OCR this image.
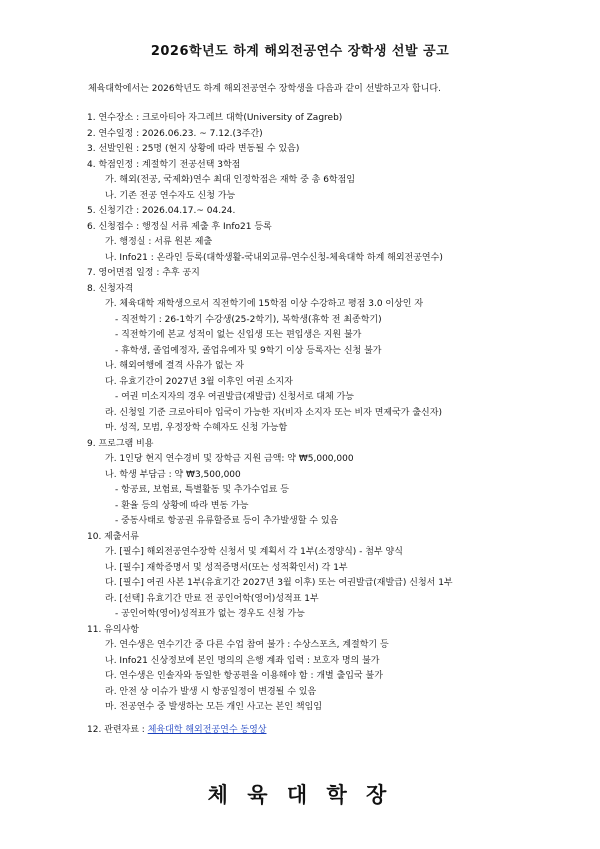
2026학년도 하계 해외전공연수 장학생 선발 공고
체육대학에서는 2026학년도 하계 해외전공연수 장학생을 다음과 같이 선발하고자 합니다.
1. 연수장소 : 크로아티아 자그레브 대학(University of Zagreb)
2. 연수일정 : 2026.06.23. ~ 7.12.(3주간)
3. 선발인원 : 25명 (현지 상황에 따라 변동될 수 있음)
4. 학점인정 : 계절학기 전공선택 3학점
가. 해외(전공, 국제화)연수 최대 인정학점은 재학 중 총 6학점임
나. 기존 전공 연수자도 신청 가능
5. 신청기간 : 2026.04.17.~ 04.24.
6. 신청접수 : 행정실 서류 제출 후 Info21 등록
가. 행정실 : 서류 원본 제출
나. Info21 : 온라인 등록(대학생활-국내외교류-연수신청-체육대학 하계 해외전공연수)
7. 영어면접 일정 : 추후 공지
8. 신청자격
가. 체육대학 재학생으로서 직전학기에 15학점 이상 수강하고 평점 3.0 이상인 자
- 직전학기 : 26-1학기 수강생(25-2학기), 복학생(휴학 전 최종학기)
- 직전학기에 본교 성적이 없는 신입생 또는 편입생은 지원 불가
- 휴학생, 졸업예정자, 졸업유예자 및 9학기 이상 등록자는 신청 불가
나. 해외여행에 결격 사유가 없는 자
다. 유효기간이 2027년 3월 이후인 여권 소지자
- 여권 미소지자의 경우 여권발급(재발급) 신청서로 대체 가능
라. 신청일 기준 크로아티아 입국이 가능한 자(비자 소지자 또는 비자 면제국가 출신자)
마. 성적, 모범, 우정장학 수혜자도 신청 가능함
9. 프로그램 비용
가. 1인당 현지 연수경비 및 장학금 지원 금액: 약 ₩5,000,000
나. 학생 부담금 : 약 ₩3,500,000
- 항공료, 보험료, 특별활동 및 추가수업료 등
- 환율 등의 상황에 따라 변동 가능
- 중동사태로 항공권 유류할증료 등이 추가발생할 수 있음
10. 제출서류
가. [필수] 해외전공연수장학 신청서 및 계획서 각 1부(소정양식) - 첨부 양식
나. [필수] 재학증명서 및 성적증명서(또는 성적확인서) 각 1부
다. [필수] 여권 사본 1부(유효기간 2027년 3월 이후) 또는 여권발급(재발급) 신청서 1부
라. [선택] 유효기간 만료 전 공인어학(영어)성적표 1부
- 공인어학(영어)성적표가 없는 경우도 신청 가능
11. 유의사항
가. 연수생은 연수기간 중 다른 수업 참여 불가 : 수상스포츠, 계절학기 등
나. Info21 신상정보에 본인 명의의 은행 계좌 입력 : 보호자 명의 불가
다. 연수생은 인솔자와 동일한 항공편을 이용해야 함 : 개별 출입국 불가
라. 안전 상 이슈가 발생 시 항공일정이 변경될 수 있음
마. 전공연수 중 발생하는 모든 개인 사고는 본인 책임임
12. 관련자료 : 체육대학 해외전공연수 동영상
체 육 대 학 장
